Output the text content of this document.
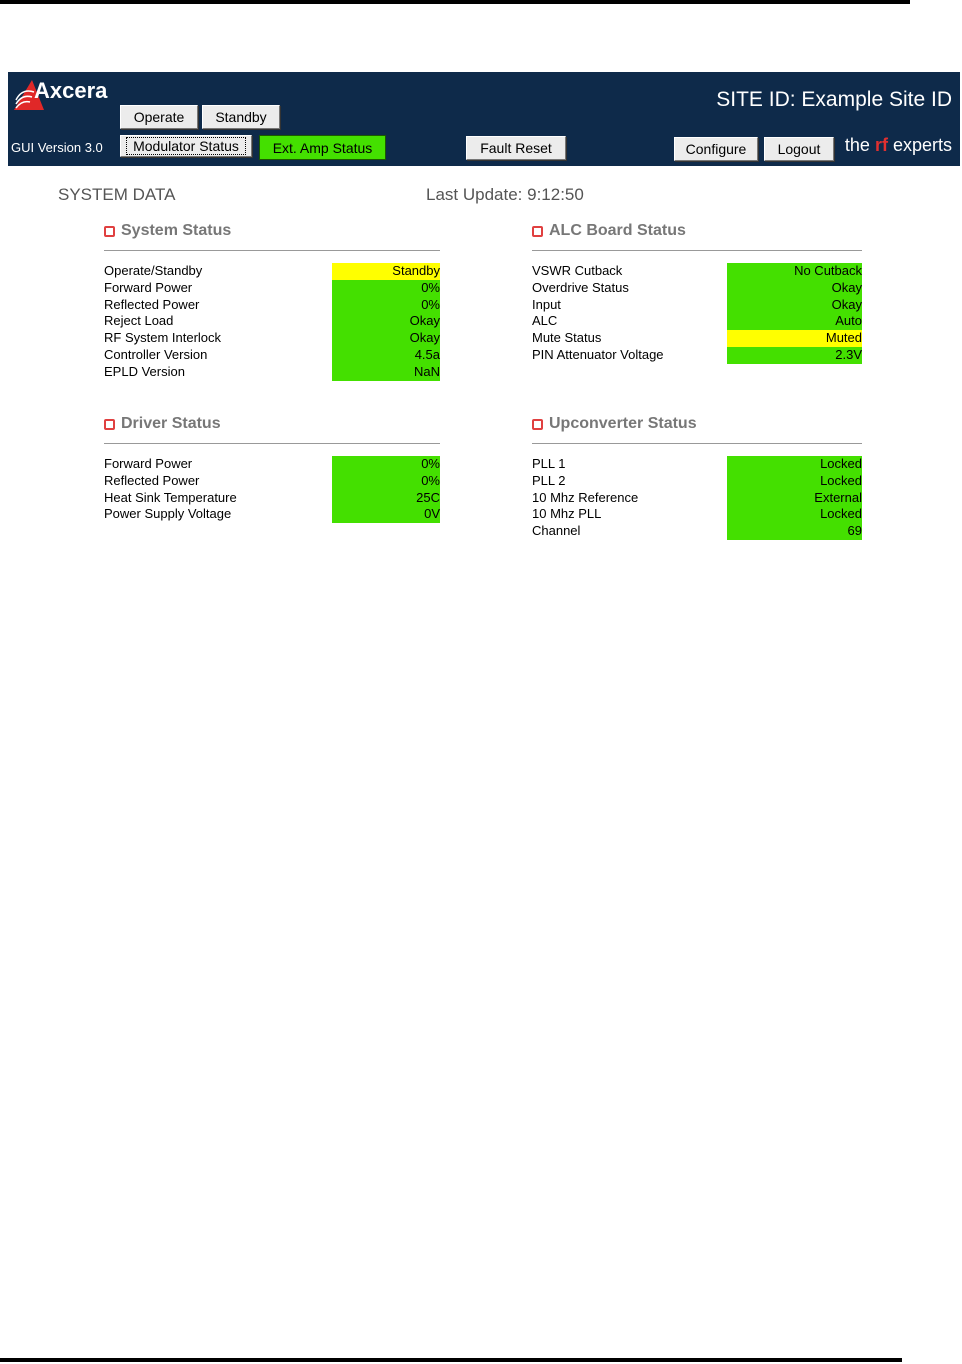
Axcera
Operate	Standby
GUI Version 3.0	Modulator Status	Ext. Amp Status	Fault Reset	Configure	Logout
SITE ID: Example Site ID
the rf experts
SYSTEM DATA	Last Update: 9:12:50
System Status
Operate/Standby	Standby
Forward Power	0%
Reflected Power	0%
Reject Load	Okay
RF System Interlock	Okay
Controller Version	4.5a
EPLD Version	NaN
ALC Board Status
VSWR Cutback	No Cutback
Overdrive Status	Okay
Input	Okay
ALC	Auto
Mute Status	Muted
PIN Attenuator Voltage	2.3V
Driver Status
Forward Power	0%
Reflected Power	0%
Heat Sink Temperature	25C
Power Supply Voltage	0V
Upconverter Status
PLL 1	Locked
PLL 2	Locked
10 Mhz Reference	External
10 Mhz PLL	Locked
Channel	69
